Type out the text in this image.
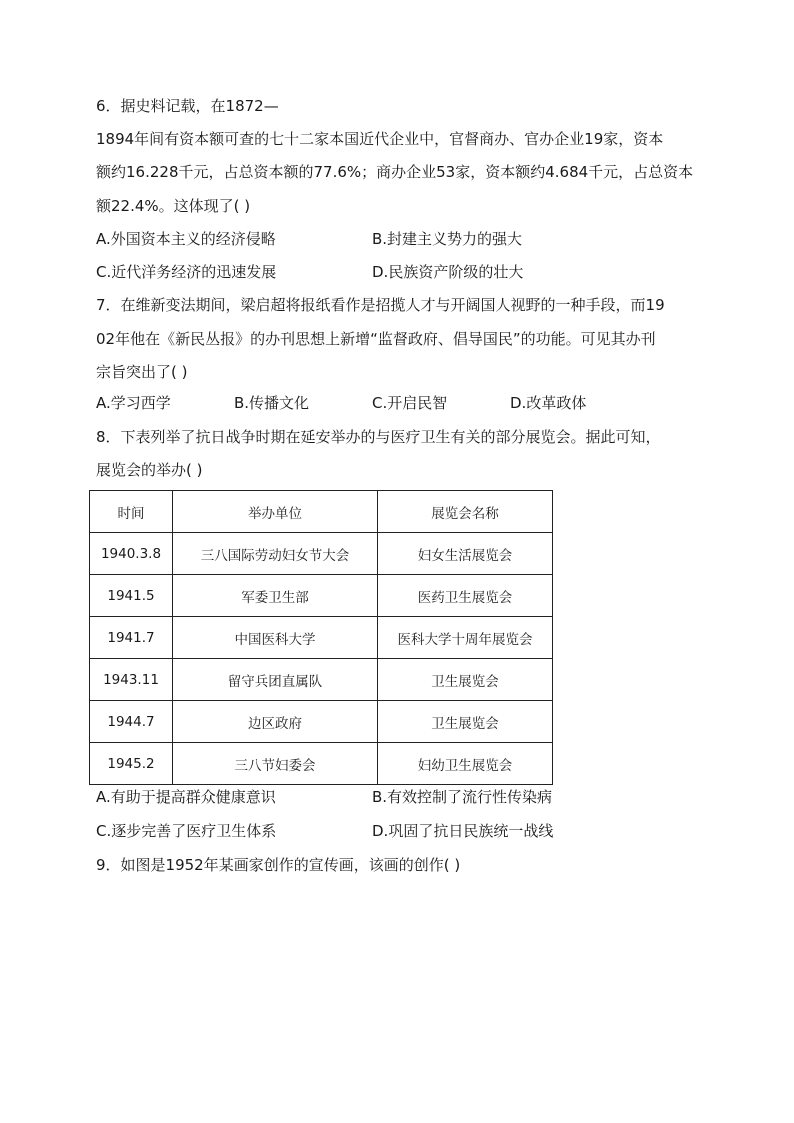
6．据史料记载，在1872—
1894年间有资本额可查的七十二家本国近代企业中，官督商办、官办企业19家，资本
额约16.228千元，占总资本额的77.6%；商办企业53家，资本额约4.684千元，占总资本
额22.4%。这体现了( )
A.外国资本主义的经济侵略	B.封建主义势力的强大
C.近代洋务经济的迅速发展	D.民族资产阶级的壮大
7．在维新变法期间，梁启超将报纸看作是招揽人才与开阔国人视野的一种手段，而19
02年他在《新民丛报》的办刊思想上新增“监督政府、倡导国民”的功能。可见其办刊
宗旨突出了( )
A.学习西学	B.传播文化	C.开启民智	D.改革政体
8．下表列举了抗日战争时期在延安举办的与医疗卫生有关的部分展览会。据此可知，
展览会的举办( )
时间	举办单位	展览会名称
1940.3.8	三八国际劳动妇女节大会	妇女生活展览会
1941.5	军委卫生部	医药卫生展览会
1941.7	中国医科大学	医科大学十周年展览会
1943.11	留守兵团直属队	卫生展览会
1944.7	边区政府	卫生展览会
1945.2	三八节妇委会	妇幼卫生展览会
A.有助于提高群众健康意识	B.有效控制了流行性传染病
C.逐步完善了医疗卫生体系	D.巩固了抗日民族统一战线
9．如图是1952年某画家创作的宣传画，该画的创作( )
